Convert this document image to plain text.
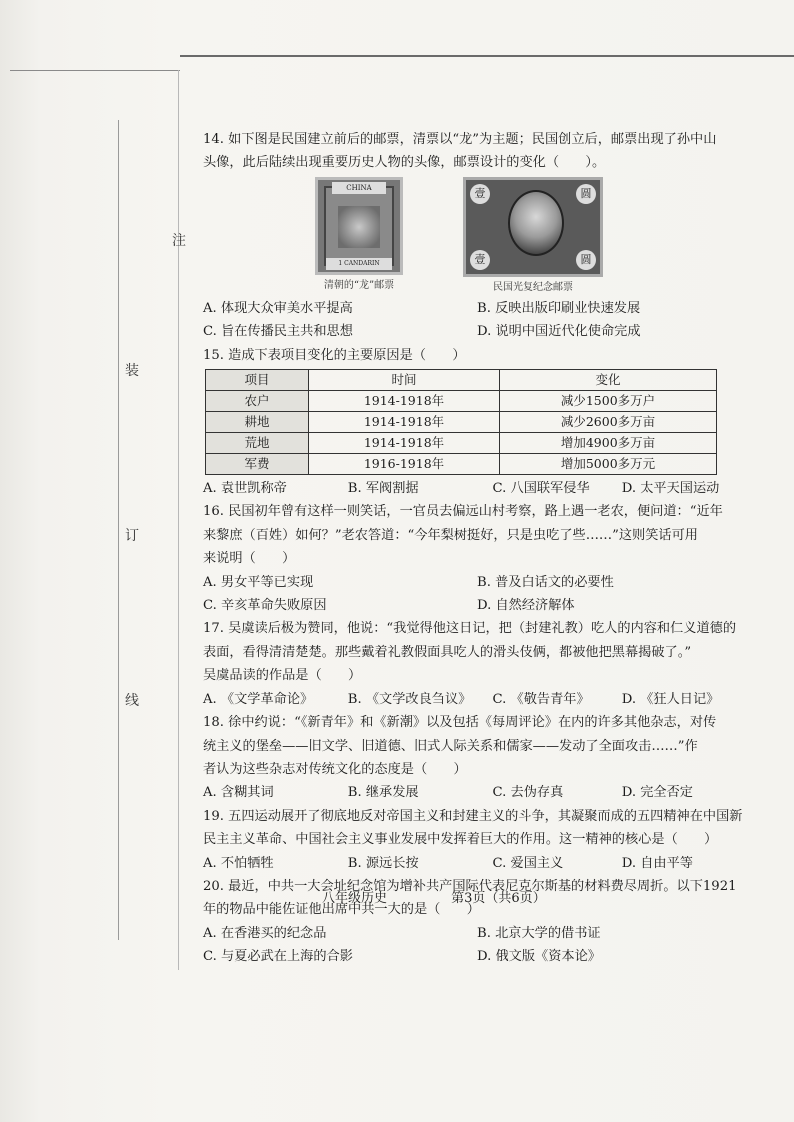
装
订
线
注

14. 如下图是民国建立前后的邮票，清票以“龙”为主题；民国创立后，邮票出现了孙中山

头像，此后陆续出现重要历史人物的头像，邮票设计的变化（　　）。

CHINA
1 CANDARIN
清朝的“龙”邮票
壹	圆
壹	圆
民国光复纪念邮票
A. 体现大众审美水平提高	B. 反映出版印刷业快速发展
C. 旨在传播民主共和思想	D. 说明中国近代化使命完成

15. 造成下表项目变化的主要原因是（　　）

项目	时间	变化
农户	1914-1918年	减少1500多万户
耕地	1914-1918年	减少2600多万亩
荒地	1914-1918年	增加4900多万亩
军费	1916-1918年	增加5000多万元
A. 袁世凯称帝	B. 军阀割据	C. 八国联军侵华	D. 太平天国运动

16. 民国初年曾有这样一则笑话，一官员去偏远山村考察，路上遇一老农，便问道：“近年

来黎庶（百姓）如何？”老农答道：“今年梨树挺好，只是虫吃了些……”这则笑话可用

来说明（　　）

A. 男女平等已实现	B. 普及白话文的必要性
C. 辛亥革命失败原因	D. 自然经济解体

17. 吴虞读后极为赞同，他说：“我觉得他这日记，把（封建礼教）吃人的内容和仁义道德的

表面，看得清清楚楚。那些戴着礼教假面具吃人的滑头伎俩，都被他把黑幕揭破了。”

吴虞品读的作品是（　　）

A. 《文学革命论》	B. 《文学改良刍议》	C. 《敬告青年》	D. 《狂人日记》

18. 徐中约说：“《新青年》和《新潮》以及包括《每周评论》在内的许多其他杂志，对传

统主义的堡垒——旧文学、旧道德、旧式人际关系和儒家——发动了全面攻击……”作

者认为这些杂志对传统文化的态度是（　　）

A. 含糊其词	B. 继承发展	C. 去伪存真	D. 完全否定

19. 五四运动展开了彻底地反对帝国主义和封建主义的斗争，其凝聚而成的五四精神在中国新

民主主义革命、中国社会主义事业发展中发挥着巨大的作用。这一精神的核心是（　　）

A. 不怕牺牲	B. 源远长按	C. 爱国主义	D. 自由平等

20. 最近，中共一大会址纪念馆为增补共产国际代表尼克尔斯基的材料费尽周折。以下1921

年的物品中能佐证他出席中共一大的是（　　）

A. 在香港买的纪念品	B. 北京大学的借书证
C. 与夏必武在上海的合影	D. 俄文版《资本论》
八年级历史	第3页（共6页）
